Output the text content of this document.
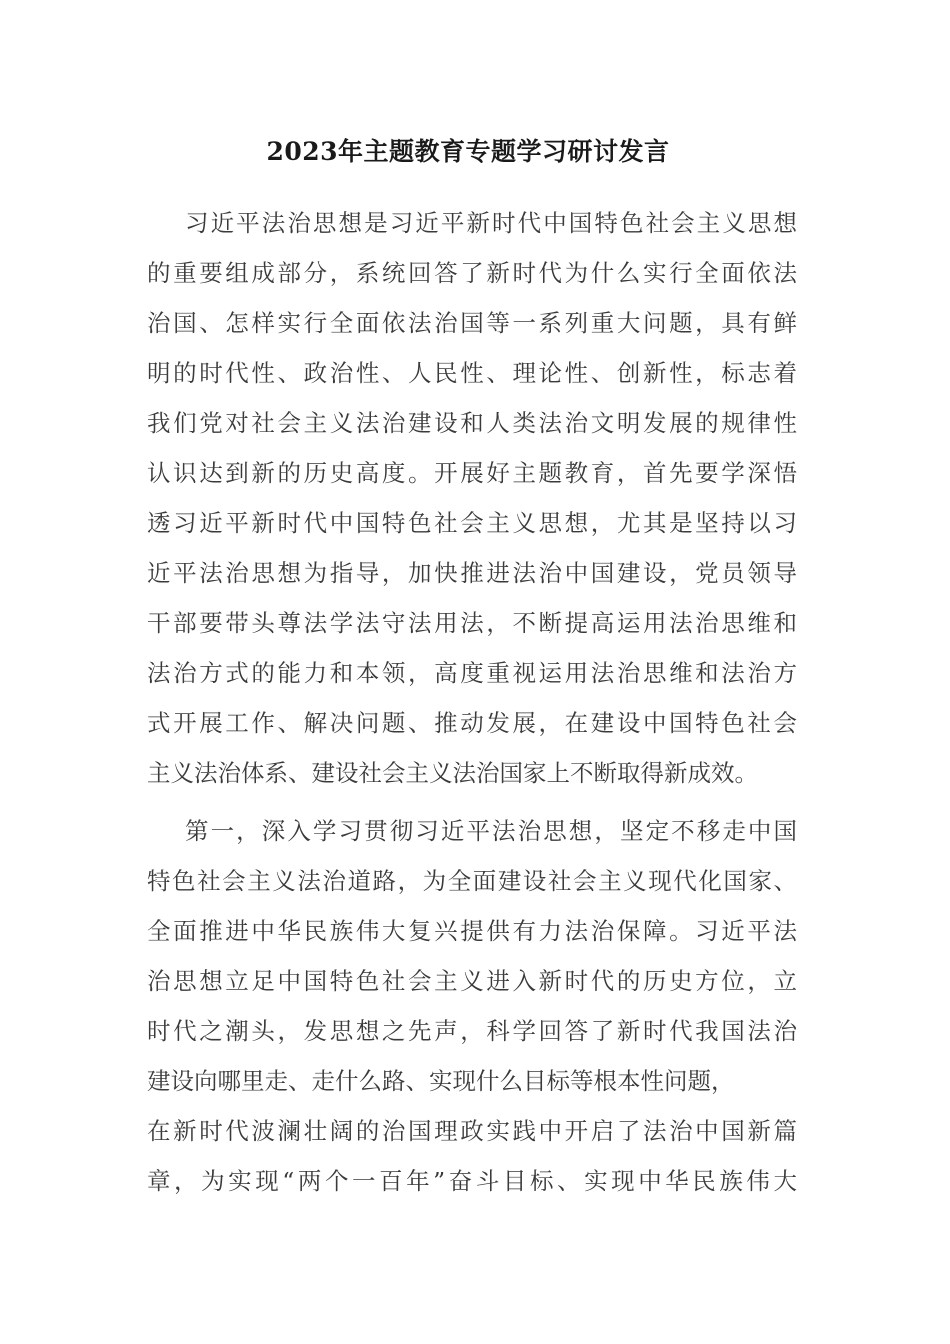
2023年主题教育专题学习研讨发言
习近平法治思想是习近平新时代中国特色社会主义思想
的重要组成部分，系统回答了新时代为什么实行全面依法
治国、怎样实行全面依法治国等一系列重大问题，具有鲜
明的时代性、政治性、人民性、理论性、创新性，标志着
我们党对社会主义法治建设和人类法治文明发展的规律性
认识达到新的历史高度。开展好主题教育，首先要学深悟
透习近平新时代中国特色社会主义思想，尤其是坚持以习
近平法治思想为指导，加快推进法治中国建设，党员领导
干部要带头尊法学法守法用法，不断提高运用法治思维和
法治方式的能力和本领，高度重视运用法治思维和法治方
式开展工作、解决问题、推动发展，在建设中国特色社会
主义法治体系、建设社会主义法治国家上不断取得新成效。
第一，深入学习贯彻习近平法治思想，坚定不移走中国
特色社会主义法治道路，为全面建设社会主义现代化国家、
全面推进中华民族伟大复兴提供有力法治保障。习近平法
治思想立足中国特色社会主义进入新时代的历史方位，立
时代之潮头，发思想之先声，科学回答了新时代我国法治
建设向哪里走、走什么路、实现什么目标等根本性问题，
在新时代波澜壮阔的治国理政实践中开启了法治中国新篇
章，为实现“两个一百年”奋斗目标、实现中华民族伟大
